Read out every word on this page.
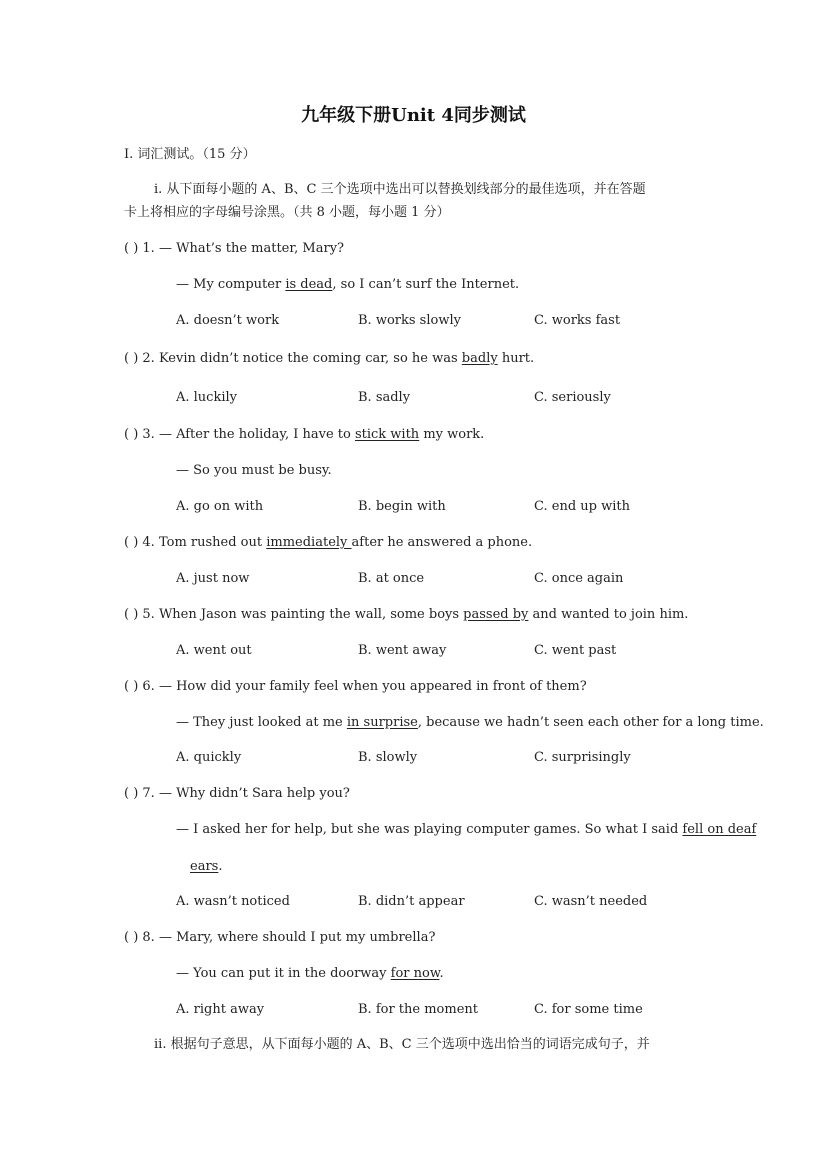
九年级下册Unit 4同步测试
I. 词汇测试。（15 分）
i. 从下面每小题的 A、B、C 三个选项中选出可以替换划线部分的最佳选项，并在答题
卡上将相应的字母编号涂黑。（共 8 小题，每小题 1 分）
( ) 1. — What’s the matter, Mary?
— My computer is dead, so I can’t surf the Internet.
A. doesn’t work	B. works slowly	C. works fast
( ) 2. Kevin didn’t notice the coming car, so he was badly hurt.
A. luckily	B. sadly	C. seriously
( ) 3. — After the holiday, I have to stick with my work.
— So you must be busy.
A. go on with	B. begin with	C. end up with
( ) 4. Tom rushed out immediately after he answered a phone.
A. just now	B. at once	C. once again
( ) 5. When Jason was painting the wall, some boys passed by and wanted to join him.
A. went out	B. went away	C. went past
( ) 6. — How did your family feel when you appeared in front of them?
— They just looked at me in surprise, because we hadn’t seen each other for a long time.
A. quickly	B. slowly	C. surprisingly
( ) 7. — Why didn’t Sara help you?
— I asked her for help, but she was playing computer games. So what I said fell on deaf
ears.
A. wasn’t noticed	B. didn’t appear	C. wasn’t needed
( ) 8. — Mary, where should I put my umbrella?
— You can put it in the doorway for now.
A. right away	B. for the moment	C. for some time
ii. 根据句子意思，从下面每小题的 A、B、C 三个选项中选出恰当的词语完成句子，并
